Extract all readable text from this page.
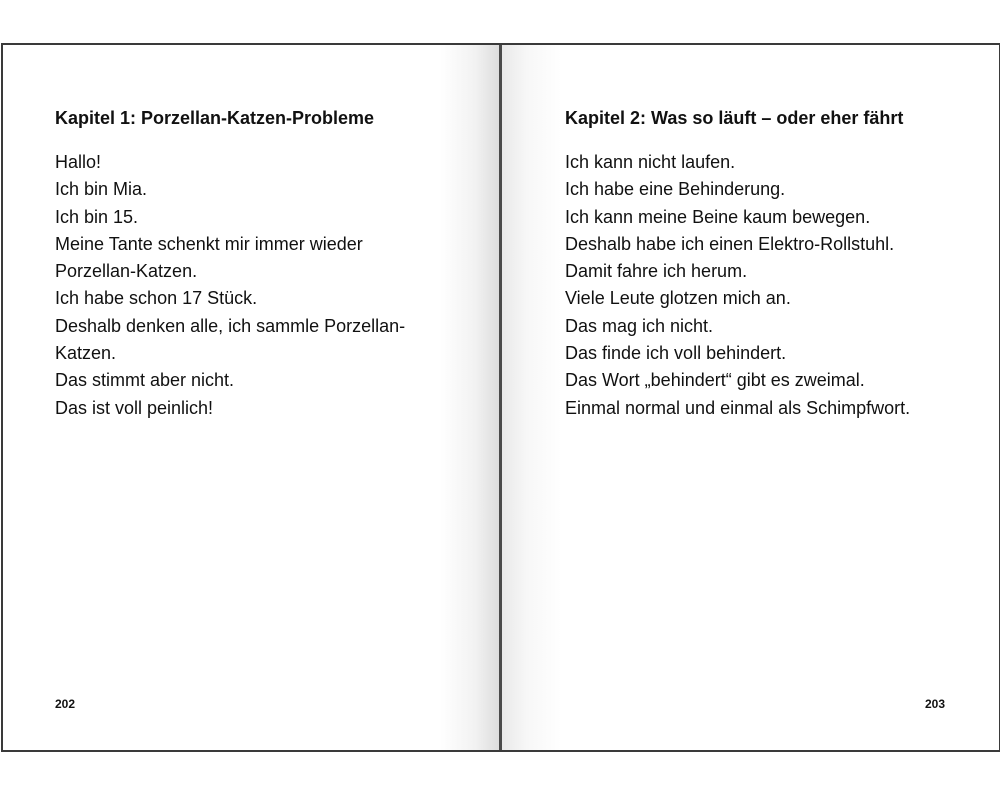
Kapitel 1: Porzellan-Katzen-Probleme
Hallo!
Ich bin Mia.
Ich bin 15.
Meine Tante schenkt mir immer wieder
Porzellan-Katzen.
Ich habe schon 17 Stück.
Deshalb denken alle, ich sammle Porzellan-
Katzen.
Das stimmt aber nicht.
Das ist voll peinlich!
202
Kapitel 2: Was so läuft – oder eher fährt
Ich kann nicht laufen.
Ich habe eine Behinderung.
Ich kann meine Beine kaum bewegen.
Deshalb habe ich einen Elektro-Rollstuhl.
Damit fahre ich herum.
Viele Leute glotzen mich an.
Das mag ich nicht.
Das finde ich voll behindert.
Das Wort „behindert“ gibt es zweimal.
Einmal normal und einmal als Schimpfwort.
203
